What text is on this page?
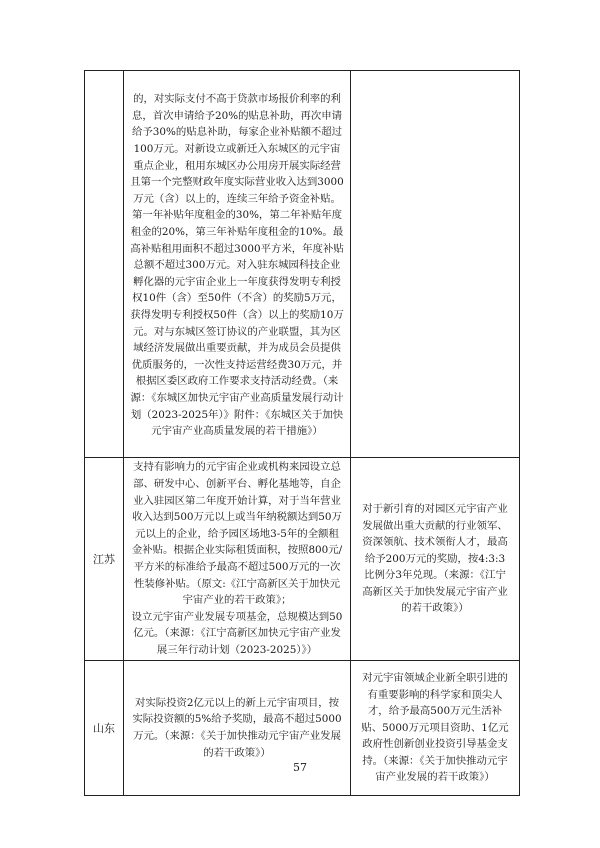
	的，对实际支付不高于贷款市场报价利率的利息，首次申请给予20%的贴息补助，再次申请给予30%的贴息补助，每家企业补贴额不超过100万元。对新设立或新迁入东城区的元宇宙重点企业，租用东城区办公用房开展实际经营且第一个完整财政年度实际营业收入达到3000万元（含）以上的，连续三年给予资金补贴。第一年补贴年度租金的30%，第二年补贴年度租金的20%，第三年补贴年度租金的10%。最高补贴租用面积不超过3000平方米，年度补贴总额不超过300万元。对入驻东城园科技企业孵化器的元宇宙企业上一年度获得发明专利授权10件（含）至50件（不含）的奖励5万元，获得发明专利授权50件（含）以上的奖励10万元。对与东城区签订协议的产业联盟，其为区域经济发展做出重要贡献，并为成员会员提供优质服务的，一次性支持运营经费30万元，并根据区委区政府工作要求支持活动经费。（来源：《东城区加快元宇宙产业高质量发展行动计划（2023-2025年）》附件：《东城区关于加快元宇宙产业高质量发展的若干措施》）	

江苏	支持有影响力的元宇宙企业或机构来园设立总部、研发中心、创新平台、孵化基地等，自企业入驻园区第二年度开始计算，对于当年营业收入达到500万元以上或当年纳税额达到50万元以上的企业，给予园区场地3-5年的全额租金补贴。根据企业实际租赁面积，按照800元/平方米的标准给予最高不超过500万元的一次性装修补贴。（原文:《江宁高新区关于加快元宇宙产业的若干政策》；

设立元宇宙产业发展专项基金，总规模达到50亿元。（来源：《江宁高新区加快元宇宙产业发展三年行动计划（2023-2025）》）	对于新引育的对园区元宇宙产业发展做出重大贡献的行业领军、资深领航、技术领衔人才，最高给予200万元的奖励，按4:3:3比例分3年兑现。（来源：《江宁高新区关于加快发展元宇宙产业的若干政策》）

山东	对实际投资2亿元以上的新上元宇宙项目，按实际投资额的5%给予奖励，最高不超过5000万元。（来源：《关于加快推动元宇宙产业发展的若干政策》）	对元宇宙领域企业新全职引进的有重要影响的科学家和顶尖人才，给予最高500万元生活补贴、5000万元项目资助、1亿元政府性创新创业投资引导基金支持。（来源：《关于加快推动元宇宙产业发展的若干政策》）

57
